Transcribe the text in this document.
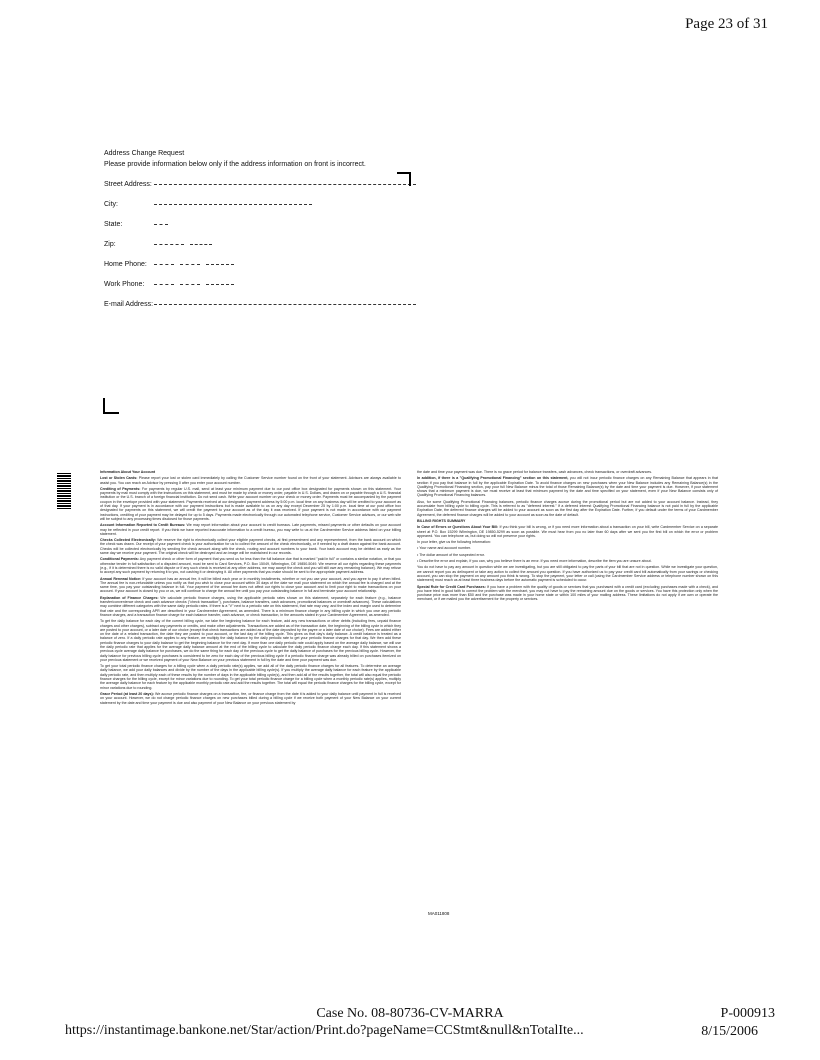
Page 23 of 31
Address Change Request
Please provide information below only if the address information on front is incorrect.
Street Address:
City:
State:
Zip:
Home Phone:
Work Phone:
E-mail Address:

Information About Your Account

Lost or Stolen Cards: Please report your lost or stolen card immediately by calling the Customer Service number found on the front of your statement. Advisors are always available to assist you. You can reach an Advisor by pressing 0 after you enter your account number.

Crediting of Payments: For payments by regular U.S. mail, send at least your minimum payment due to our post office box designated for payments shown on this statement. Your payments by mail must comply with the instructions on this statement, and must be made by check or money order, payable in U.S. Dollars, and drawn on or payable through a U.S. financial institution or the U.S. branch of a foreign financial institution. Do not send cash. Write your account number on your check or money order. Payments must be accompanied by the payment coupon in the envelope provided with your statement. Payments received at our designated payment address by 5:00 p.m. local time on any business day will be credited to your account as of that day. If your payment is in accordance with our payment instructions but is made available to us on any day except December 25 by 1:00 p.m. local time at our post office box designated for payments on this statement, we will credit the payment to your account as of the day it was received. If your payment is not made in accordance with our payment instructions, crediting of your payment may be delayed for up to 5 days. Payments made electronically through our automated telephone service, Customer Service advisors, or our web site will be subject to any processing times disclosed for those payments.

Account Information Reported to Credit Bureaus: We may report information about your account to credit bureaus. Late payments, missed payments or other defaults on your account may be reflected in your credit report. If you think we have reported inaccurate information to a credit bureau, you may write to us at the Cardmember Service address listed on your billing statement.

Checks Collected Electronically: We reserve the right to electronically collect your eligible payment checks, at first presentment and any representment, from the bank account on which the check was drawn. Our receipt of your payment check is your authorization for us to collect the amount of the check electronically, or if needed by a draft drawn against the bank account. Checks will be collected electronically by sending the check amount along with the check, routing and account numbers to your bank. Your bank account may be debited as early as the same day we receive your payment. The original check will be destroyed and an image will be maintained in our records.

Conditional Payments: Any payment check or other form of payment that you send us for less than the full balance due that is marked "paid in full" or contains a similar notation, or that you otherwise tender in full satisfaction of a disputed amount, must be sent to Card Services, P.O. Box 15049, Wilmington, DE 19850-5049. We reserve all our rights regarding these payments (e.g., if it is determined there is no valid dispute or if any such check is received at any other address, we may accept the check and you will still owe any remaining balance). We may refuse to accept any such payment by returning it to you, not cashing it or destroying it. All other payments that you make should be sent to the appropriate payment address.

Annual Renewal Notice: If your account has an annual fee, it will be billed each year or in monthly installments, whether or not you use your account, and you agree to pay it when billed. The annual fee is non-refundable unless you notify us that you wish to close your account within 30 days of the date we mail your statement on which the annual fee is charged and at the same time, you pay your outstanding balance in full. Your payment of the annual fee does not affect our rights to close your account and to limit your right to make transactions on your account. If your account is closed by you or us, we will continue to charge the annual fee until you pay your outstanding balance in full and terminate your account relationship.

Explanation of Finance Charges: We calculate periodic finance charges, using the applicable periodic rates shown on this statement, separately for each feature (e.g., balance transfer/convenience check and cash advance checks ("check transaction"), purchases, balance transfers, cash advances, promotional balances or overdraft advances). These calculations may combine different categories with the same daily periodic rates. If there is a "V" next to a periodic rate on this statement, that rate may vary, and the index and margin used to determine that rate and the corresponding APR are described in your Cardmember Agreement, as amended. There is a minimum finance charge in any billing cycle in which you owe any periodic finance charges, and a transaction finance charge for each balance transfer, cash advance, or check transaction, in the amounts stated in your Cardmember Agreement, as amended.

To get the daily balance for each day of the current billing cycle, we take the beginning balance for each feature, add any new transactions or other debits (including fees, unpaid finance charges and other charges), subtract any payments or credits, and make other adjustments. Transactions are added as of the transaction date, the beginning of the billing cycle in which they are posted to your account, or a later date of our choice (except that check transactions are added as of the date deposited by the payee or a later date of our choice). Fees are added either on the date of a related transaction, the date they are posted to your account, or the last day of the billing cycle. This gives us that day's daily balance. A credit balance is treated as a balance of zero. If a daily periodic rate applies to any feature, we multiply the daily balance by the daily periodic rate to get your periodic finance charges for that day. We then add these periodic finance charges to your daily balance to get the beginning balance for the next day. If more than one daily periodic rate could apply based on the average daily balance, we will use the daily periodic rate that applies for the average daily balance amount at the end of the billing cycle to calculate the daily periodic finance charge each day. If this statement shows a previous cycle average daily balance for purchases, we do the same thing for each day of the previous cycle to get the daily balance of purchases for the previous billing cycle. However, the daily balance for previous billing cycle purchases is considered to be zero for each day of the previous billing cycle if a periodic finance charge was already billed on purchases itemized on your previous statement or we received payment of your New Balance on your previous statement in full by the date and time your payment was due.

To get your total periodic finance charges for a billing cycle when a daily periodic rate(s) applies, we add all of the daily periodic finance charges for all features. To determine an average daily balance, we add your daily balances and divide by the number of the days in the applicable billing cycle(s). If you multiply the average daily balance for each feature by the applicable daily periodic rate, and then multiply each of these results by the number of days in the applicable billing cycle(s), and then add all of the results together, the total will also equal the periodic finance charges for the billing cycle, except for minor variations due to rounding. To get your total periodic finance charge for a billing cycle when a monthly periodic rate(s) applies, multiply the average daily balance for each feature by the applicable monthly periodic rate and add the results together. The total will equal the periodic finance charges for the billing cycle, except for minor variations due to rounding.

Grace Period (at least 20 days): We accrue periodic finance charges on a transaction, fee, or finance charge from the date it is added to your daily balance until payment in full is received on your account. However, we do not charge periodic finance charges on new purchases billed during a billing cycle if we receive both payment of your New Balance on your current statement by the date and time your payment is due and also payment of your New Balance on your previous statement by

the date and time your payment was due. There is no grace period for balance transfers, cash advances, check transactions, or overdraft advances.

In addition, if there is a "Qualifying Promotional Financing" section on this statement, you will not incur periodic finance charges on any Remaining Balance that appears in that section if you pay that balance in full by the applicable Expiration Date. To avoid finance charges on new purchases when your New Balance includes any Remaining Balance(s) in the Qualifying Promotional Financing section, pay your full New Balance minus the total of those Remaining Balance(s) by the date and time your payment is due. However, if your statement shows that a minimum payment is due, we must receive at least that minimum payment by the date and time specified on your statement, even if your New Balance consists only of Qualifying Promotional Financing balances.

Also, for some Qualifying Promotional Financing balances, periodic finance charges accrue during the promotional period but are not added to your account balance. Instead, they accumulate from billing cycle to billing cycle. This is referred to as "deferred interest." If a deferred interest Qualifying Promotional Financing balance is not paid in full by the applicable Expiration Date, the deferred finance charges will be added to your account as soon as the first day after the Expiration Date. Further, if you default under the terms of your Cardmember Agreement, the deferred finance charges will be added to your account as soon as the date of default.

BILLING RIGHTS SUMMARY

In Case of Errors or Questions About Your Bill: If you think your bill is wrong, or if you need more information about a transaction on your bill, write Cardmember Service on a separate sheet at P.O. Box 15299 Wilmington, DE 19850-5299 as soon as possible. We must hear from you no later than 60 days after we sent you the first bill on which the error or problem appeared. You can telephone us, but doing so will not preserve your rights.

In your letter, give us the following information:

• Your name and account number.

• The dollar amount of the suspected error.

• Describe the error and explain, if you can, why you believe there is an error. If you need more information, describe the item you are unsure about.

You do not have to pay any amount in question while we are investigating, but you are still obligated to pay the parts of your bill that are not in question. While we investigate your question, we cannot report you as delinquent or take any action to collect the amount you question. If you have authorized us to pay your credit card bill automatically from your savings or checking account, you can stop the payment on any amount you think is wrong. To stop the payment, your letter or call (using the Cardmember Service address or telephone number shown on this statement) must reach us at least three business days before the automatic payment is scheduled to occur.

Special Rule for Credit Card Purchases: If you have a problem with the quality of goods or services that you purchased with a credit card (excluding purchases made with a check), and you have tried in good faith to correct the problem with the merchant, you may not have to pay the remaining amount due on the goods or services. You have this protection only when the purchase price was more than $50 and the purchase was made in your home state or within 100 miles of your mailing address. These limitations do not apply if we own or operate the merchant, or if we mailed you the advertisement for the property or services.

MA011808
Case No. 08-80736-CV-MARRA
https://instantimage.bankone.net/Star/action/Print.do?pageName=CCStmt&null&nTotalIte...
P-000913
8/15/2006
